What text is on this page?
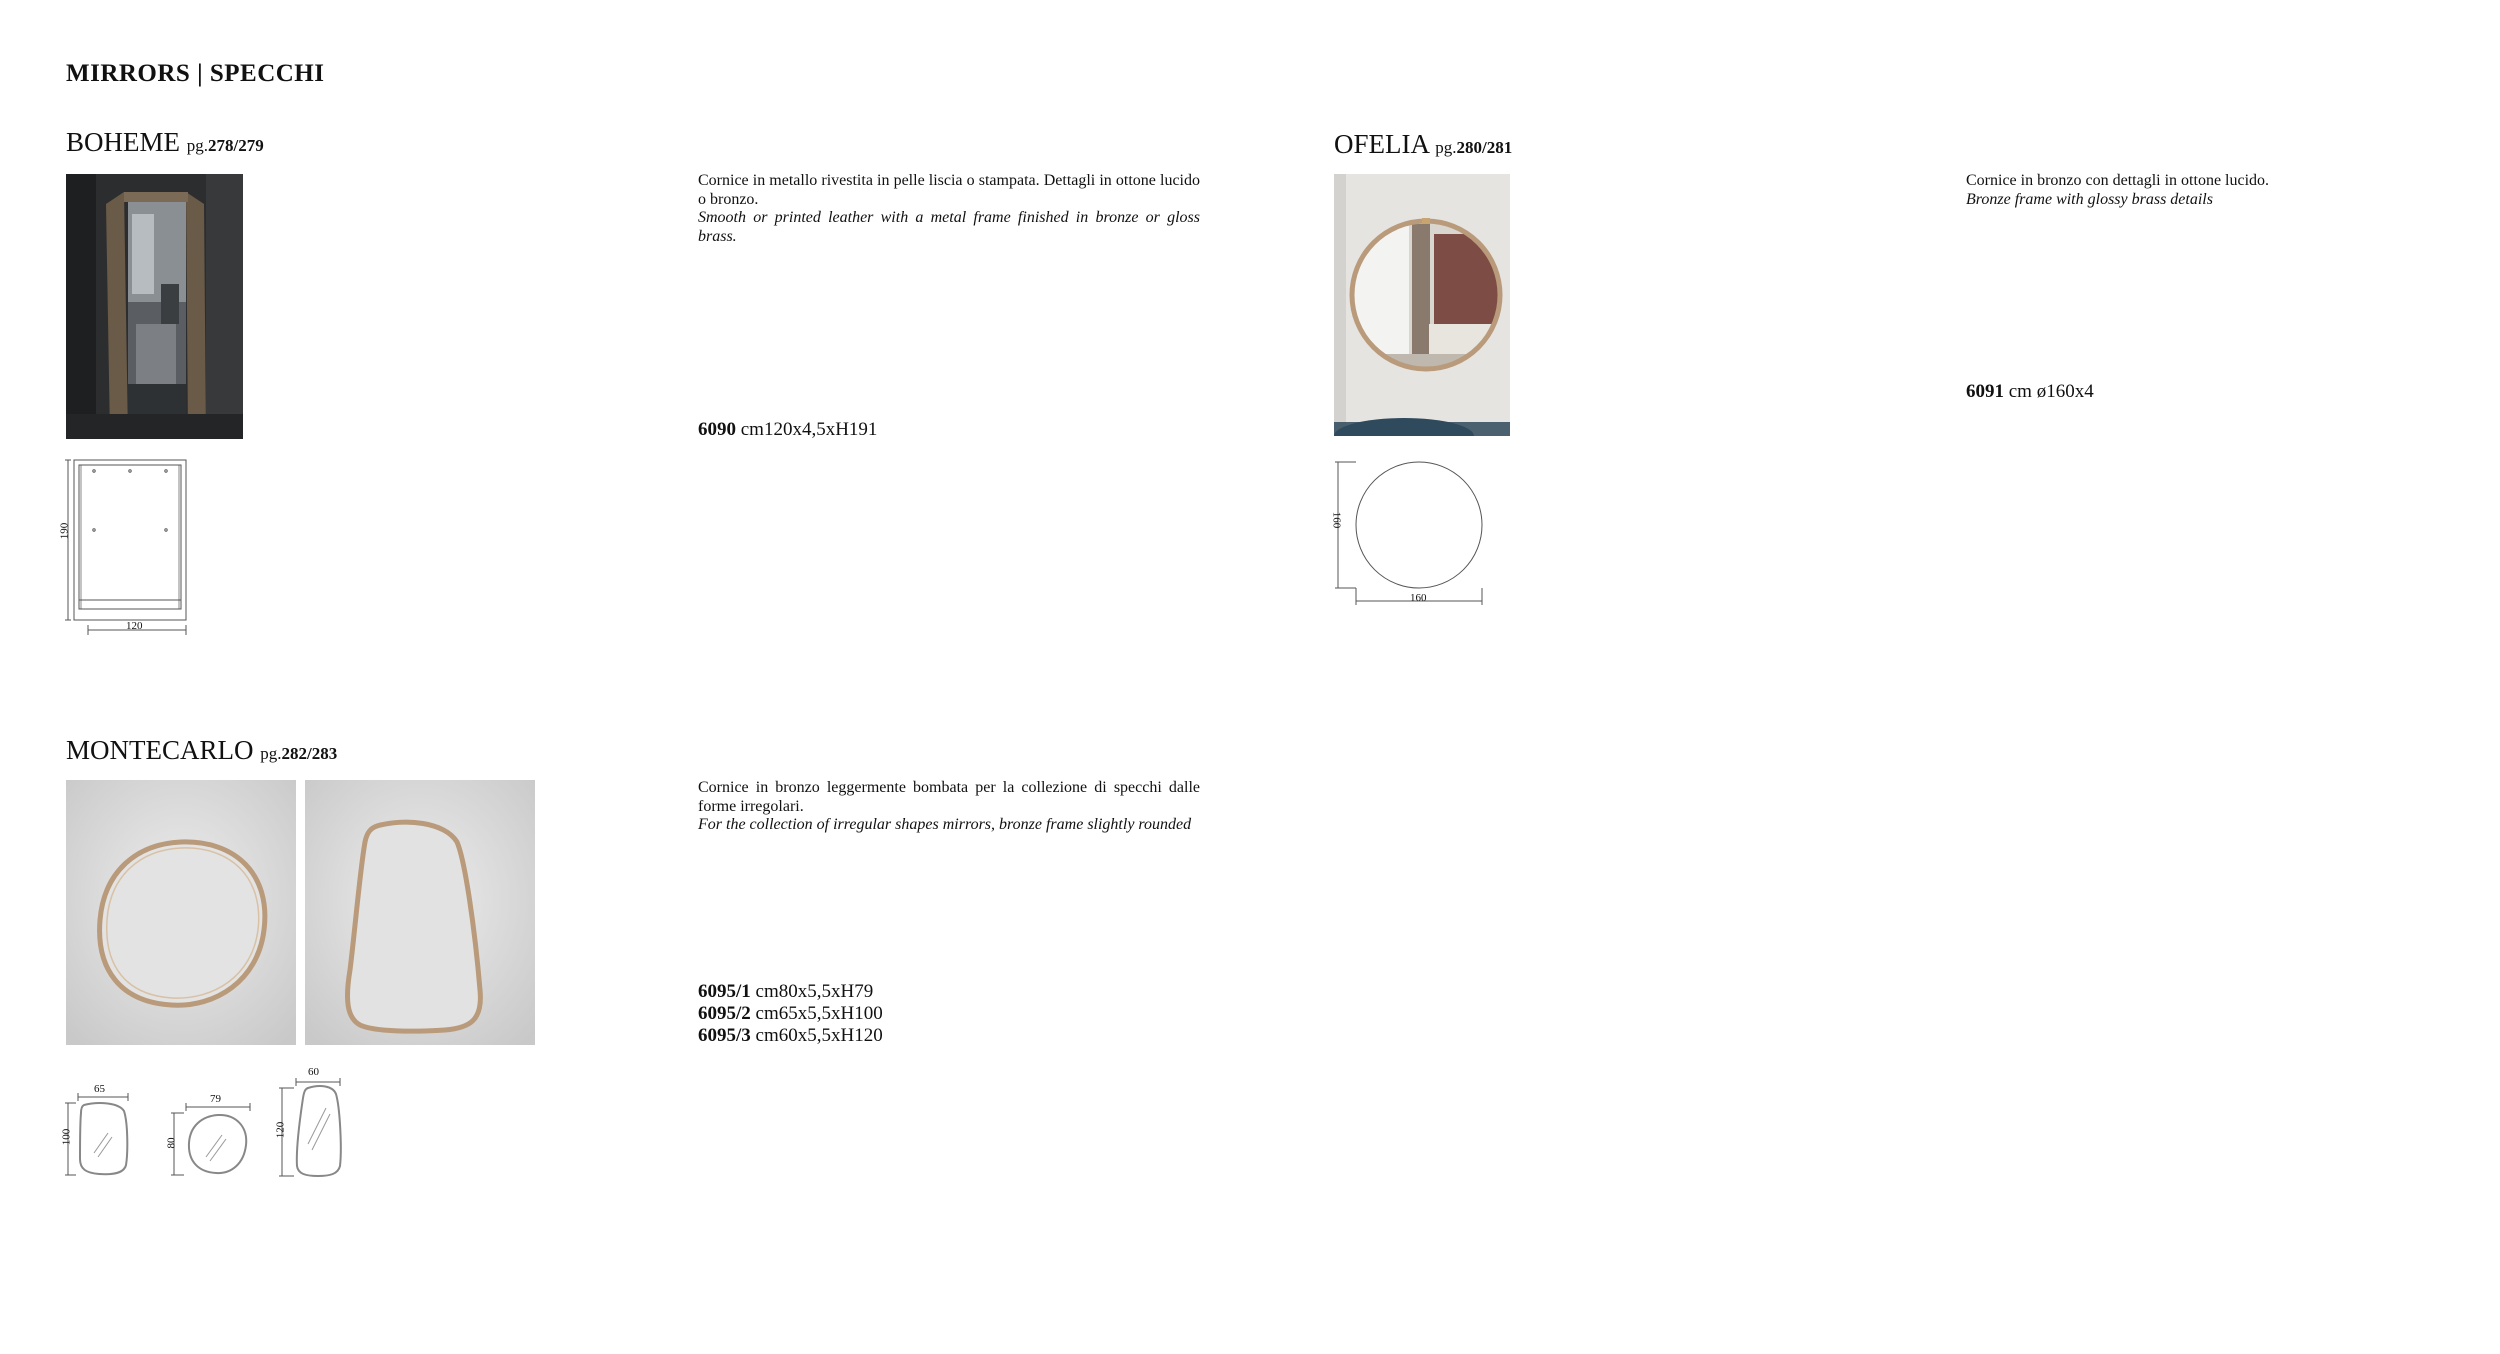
MIRRORS | SPECCHI
BOHEME pg.278/279
Cornice in metallo rivestita in pelle liscia o stampata. Dettagli in ottone lucido o bronzo.
Smooth or printed leather with a metal frame finished in bronze or gloss brass.
6090 cm120x4,5xH191
190
120
OFELIA pg.280/281
Cornice in bronzo con dettagli in ottone lucido.
Bronze frame with glossy brass details
6091 cm ø160x4
160
160
MONTECARLO pg.282/283
Cornice in bronzo leggermente bombata per la collezione di specchi dalle forme irregolari.
For the collection of irregular shapes mirrors, bronze frame slightly rounded
6095/1 cm80x5,5xH79
6095/2 cm65x5,5xH100
6095/3 cm60x5,5xH120
65
100
79
80
60
120
